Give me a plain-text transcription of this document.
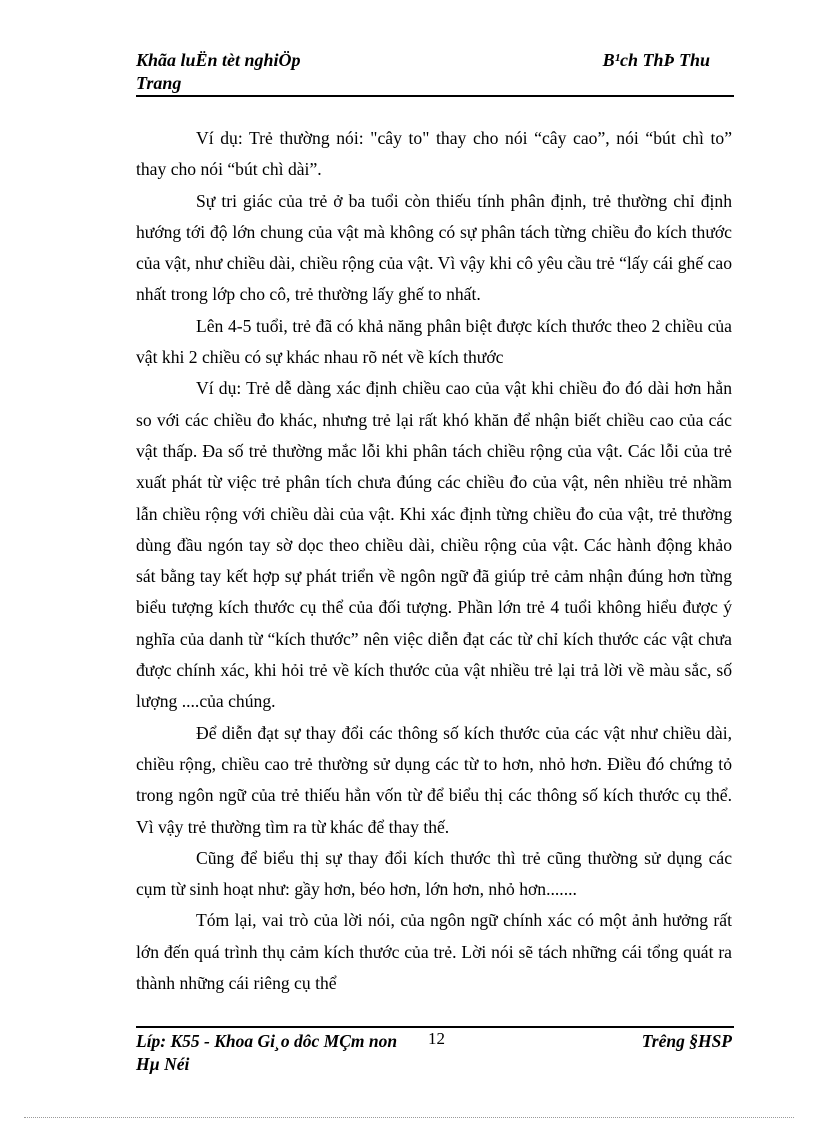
Khãa luËn tèt nghiÖp
Trang
B¹ch ThÞ Thu

Ví dụ: Trẻ thường nói: "cây to" thay cho nói “cây cao”, nói “bút chì to” thay cho nói “bút chì dài”.

Sự tri giác của trẻ ở ba tuổi còn thiếu tính phân định, trẻ thường chỉ định hướng tới độ lớn chung của vật mà không có sự phân tách từng chiều đo kích thước của vật, như chiều dài, chiều rộng của vật. Vì vậy khi cô yêu cầu trẻ “lấy cái ghế cao nhất trong lớp cho cô, trẻ thường lấy ghế to nhất.

Lên 4-5 tuổi, trẻ đã có khả năng phân biệt được kích thước theo 2 chiều của vật khi 2 chiều có sự khác nhau rõ nét về kích thước

Ví dụ: Trẻ dễ dàng xác định chiều cao của vật khi chiều đo đó dài hơn hẳn so với các chiều đo khác, nhưng trẻ lại rất khó khăn để nhận biết chiều cao của các vật thấp. Đa số trẻ thường mắc lỗi khi phân tách chiều rộng của vật. Các lỗi của trẻ xuất phát từ việc trẻ phân tích chưa đúng các chiều đo của vật, nên nhiều trẻ nhầm lẫn chiều rộng với chiều dài của vật. Khi xác định từng chiều đo của vật, trẻ thường dùng đầu ngón tay sờ dọc theo chiều dài, chiều rộng của vật. Các hành động khảo sát bằng tay kết hợp sự phát triển về ngôn ngữ đã giúp trẻ cảm nhận đúng hơn từng biểu tượng kích thước cụ thể của đối tượng. Phần lớn trẻ 4 tuổi không hiểu được ý nghĩa của danh từ “kích thước” nên việc diễn đạt các từ chỉ kích thước các vật chưa được chính xác, khi hỏi trẻ về kích thước của vật nhiều trẻ lại trả lời về màu sắc, số lượng ....của chúng.

Để diễn đạt sự thay đổi các thông số kích thước của các vật như chiều dài, chiều rộng, chiều cao trẻ thường sử dụng các từ to hơn, nhỏ hơn. Điều đó chứng tỏ trong ngôn ngữ của trẻ thiếu hẳn vốn từ để biểu thị các thông số kích thước cụ thể. Vì vậy trẻ thường tìm ra từ khác để thay thế.

Cũng để biểu thị sự thay đổi kích thước thì trẻ cũng thường sử dụng các cụm từ sinh hoạt như: gầy hơn, béo hơn, lớn hơn, nhỏ hơn.......

Tóm lại, vai trò của lời nói, của ngôn ngữ chính xác có một ảnh hưởng rất lớn đến quá trình thụ cảm kích thước của trẻ. Lời nói sẽ tách những cái tổng quát ra thành những cái riêng cụ thể

Líp: K55 - Khoa Gi¸o dôc MÇm non
Hµ Néi
12	Trêng §HSP
